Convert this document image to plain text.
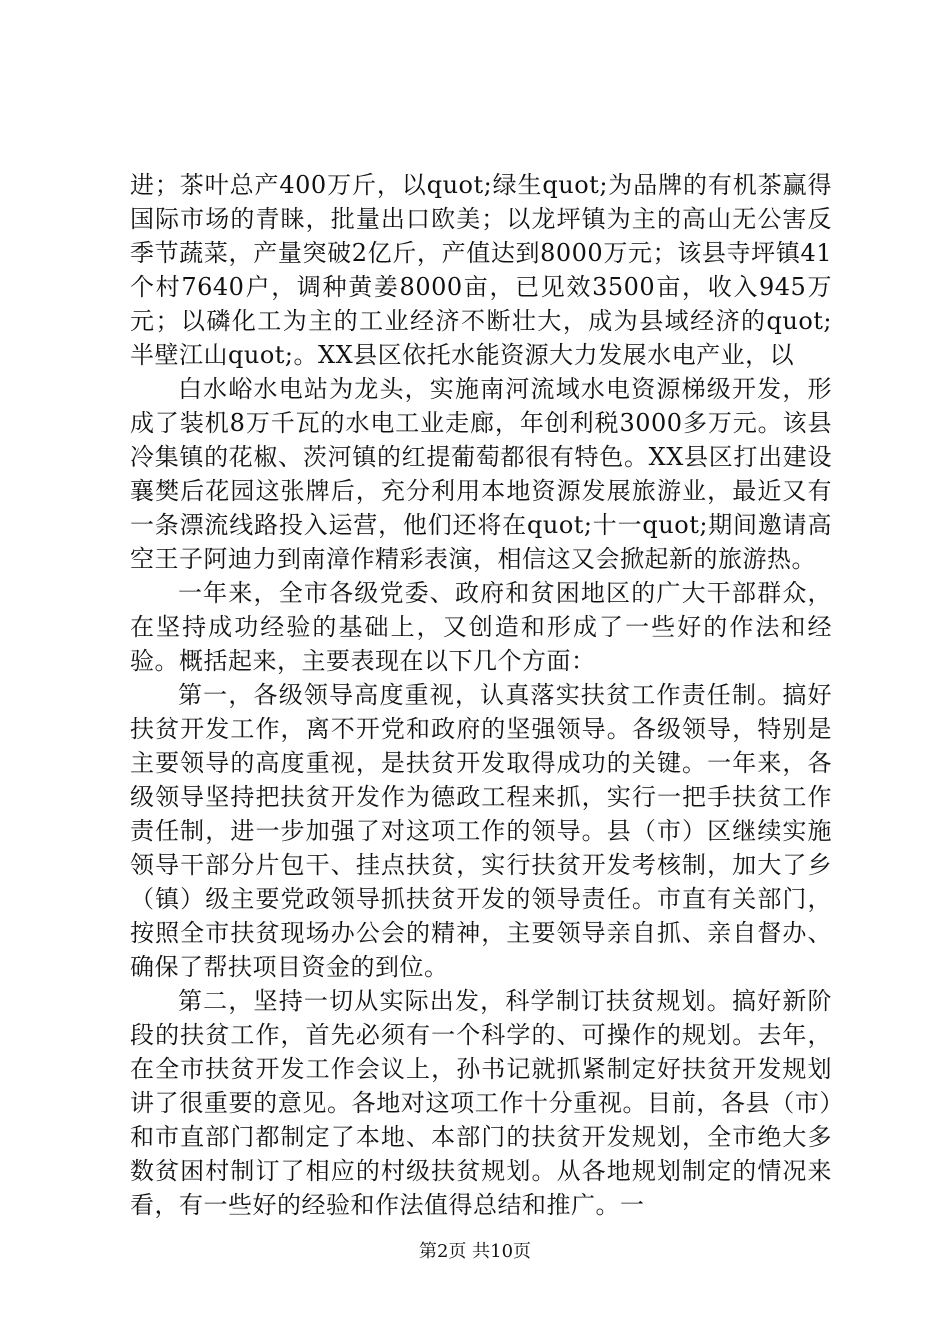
进；茶叶总产400万斤，以quot;绿生quot;为品牌的有机茶赢得国际市场的青睐，批量出口欧美；以龙坪镇为主的高山无公害反季节蔬菜，产量突破2亿斤，产值达到8000万元；该县寺坪镇41个村7640户，调种黄姜8000亩，已见效3500亩，收入945万元；以磷化工为主的工业经济不断壮大，成为县域经济的quot;半壁江山quot;。XX县区依托水能资源大力发展水电产业，以

白水峪水电站为龙头，实施南河流域水电资源梯级开发，形成了装机8万千瓦的水电工业走廊，年创利税3000多万元。该县冷集镇的花椒、茨河镇的红提葡萄都很有特色。XX县区打出建设襄樊后花园这张牌后，充分利用本地资源发展旅游业，最近又有一条漂流线路投入运营，他们还将在quot;十一quot;期间邀请高空王子阿迪力到南漳作精彩表演，相信这又会掀起新的旅游热。

一年来，全市各级党委、政府和贫困地区的广大干部群众，在坚持成功经验的基础上，又创造和形成了一些好的作法和经验。概括起来，主要表现在以下几个方面：

第一，各级领导高度重视，认真落实扶贫工作责任制。搞好扶贫开发工作，离不开党和政府的坚强领导。各级领导，特别是主要领导的高度重视，是扶贫开发取得成功的关键。一年来，各级领导坚持把扶贫开发作为德政工程来抓，实行一把手扶贫工作责任制，进一步加强了对这项工作的领导。县（市）区继续实施领导干部分片包干、挂点扶贫，实行扶贫开发考核制，加大了乡（镇）级主要党政领导抓扶贫开发的领导责任。市直有关部门，按照全市扶贫现场办公会的精神，主要领导亲自抓、亲自督办、确保了帮扶项目资金的到位。

第二，坚持一切从实际出发，科学制订扶贫规划。搞好新阶段的扶贫工作，首先必须有一个科学的、可操作的规划。去年，在全市扶贫开发工作会议上，孙书记就抓紧制定好扶贫开发规划讲了很重要的意见。各地对这项工作十分重视。目前，各县（市）和市直部门都制定了本地、本部门的扶贫开发规划，全市绝大多数贫困村制订了相应的村级扶贫规划。从各地规划制定的情况来看，有一些好的经验和作法值得总结和推广。一

第2页 共10页
